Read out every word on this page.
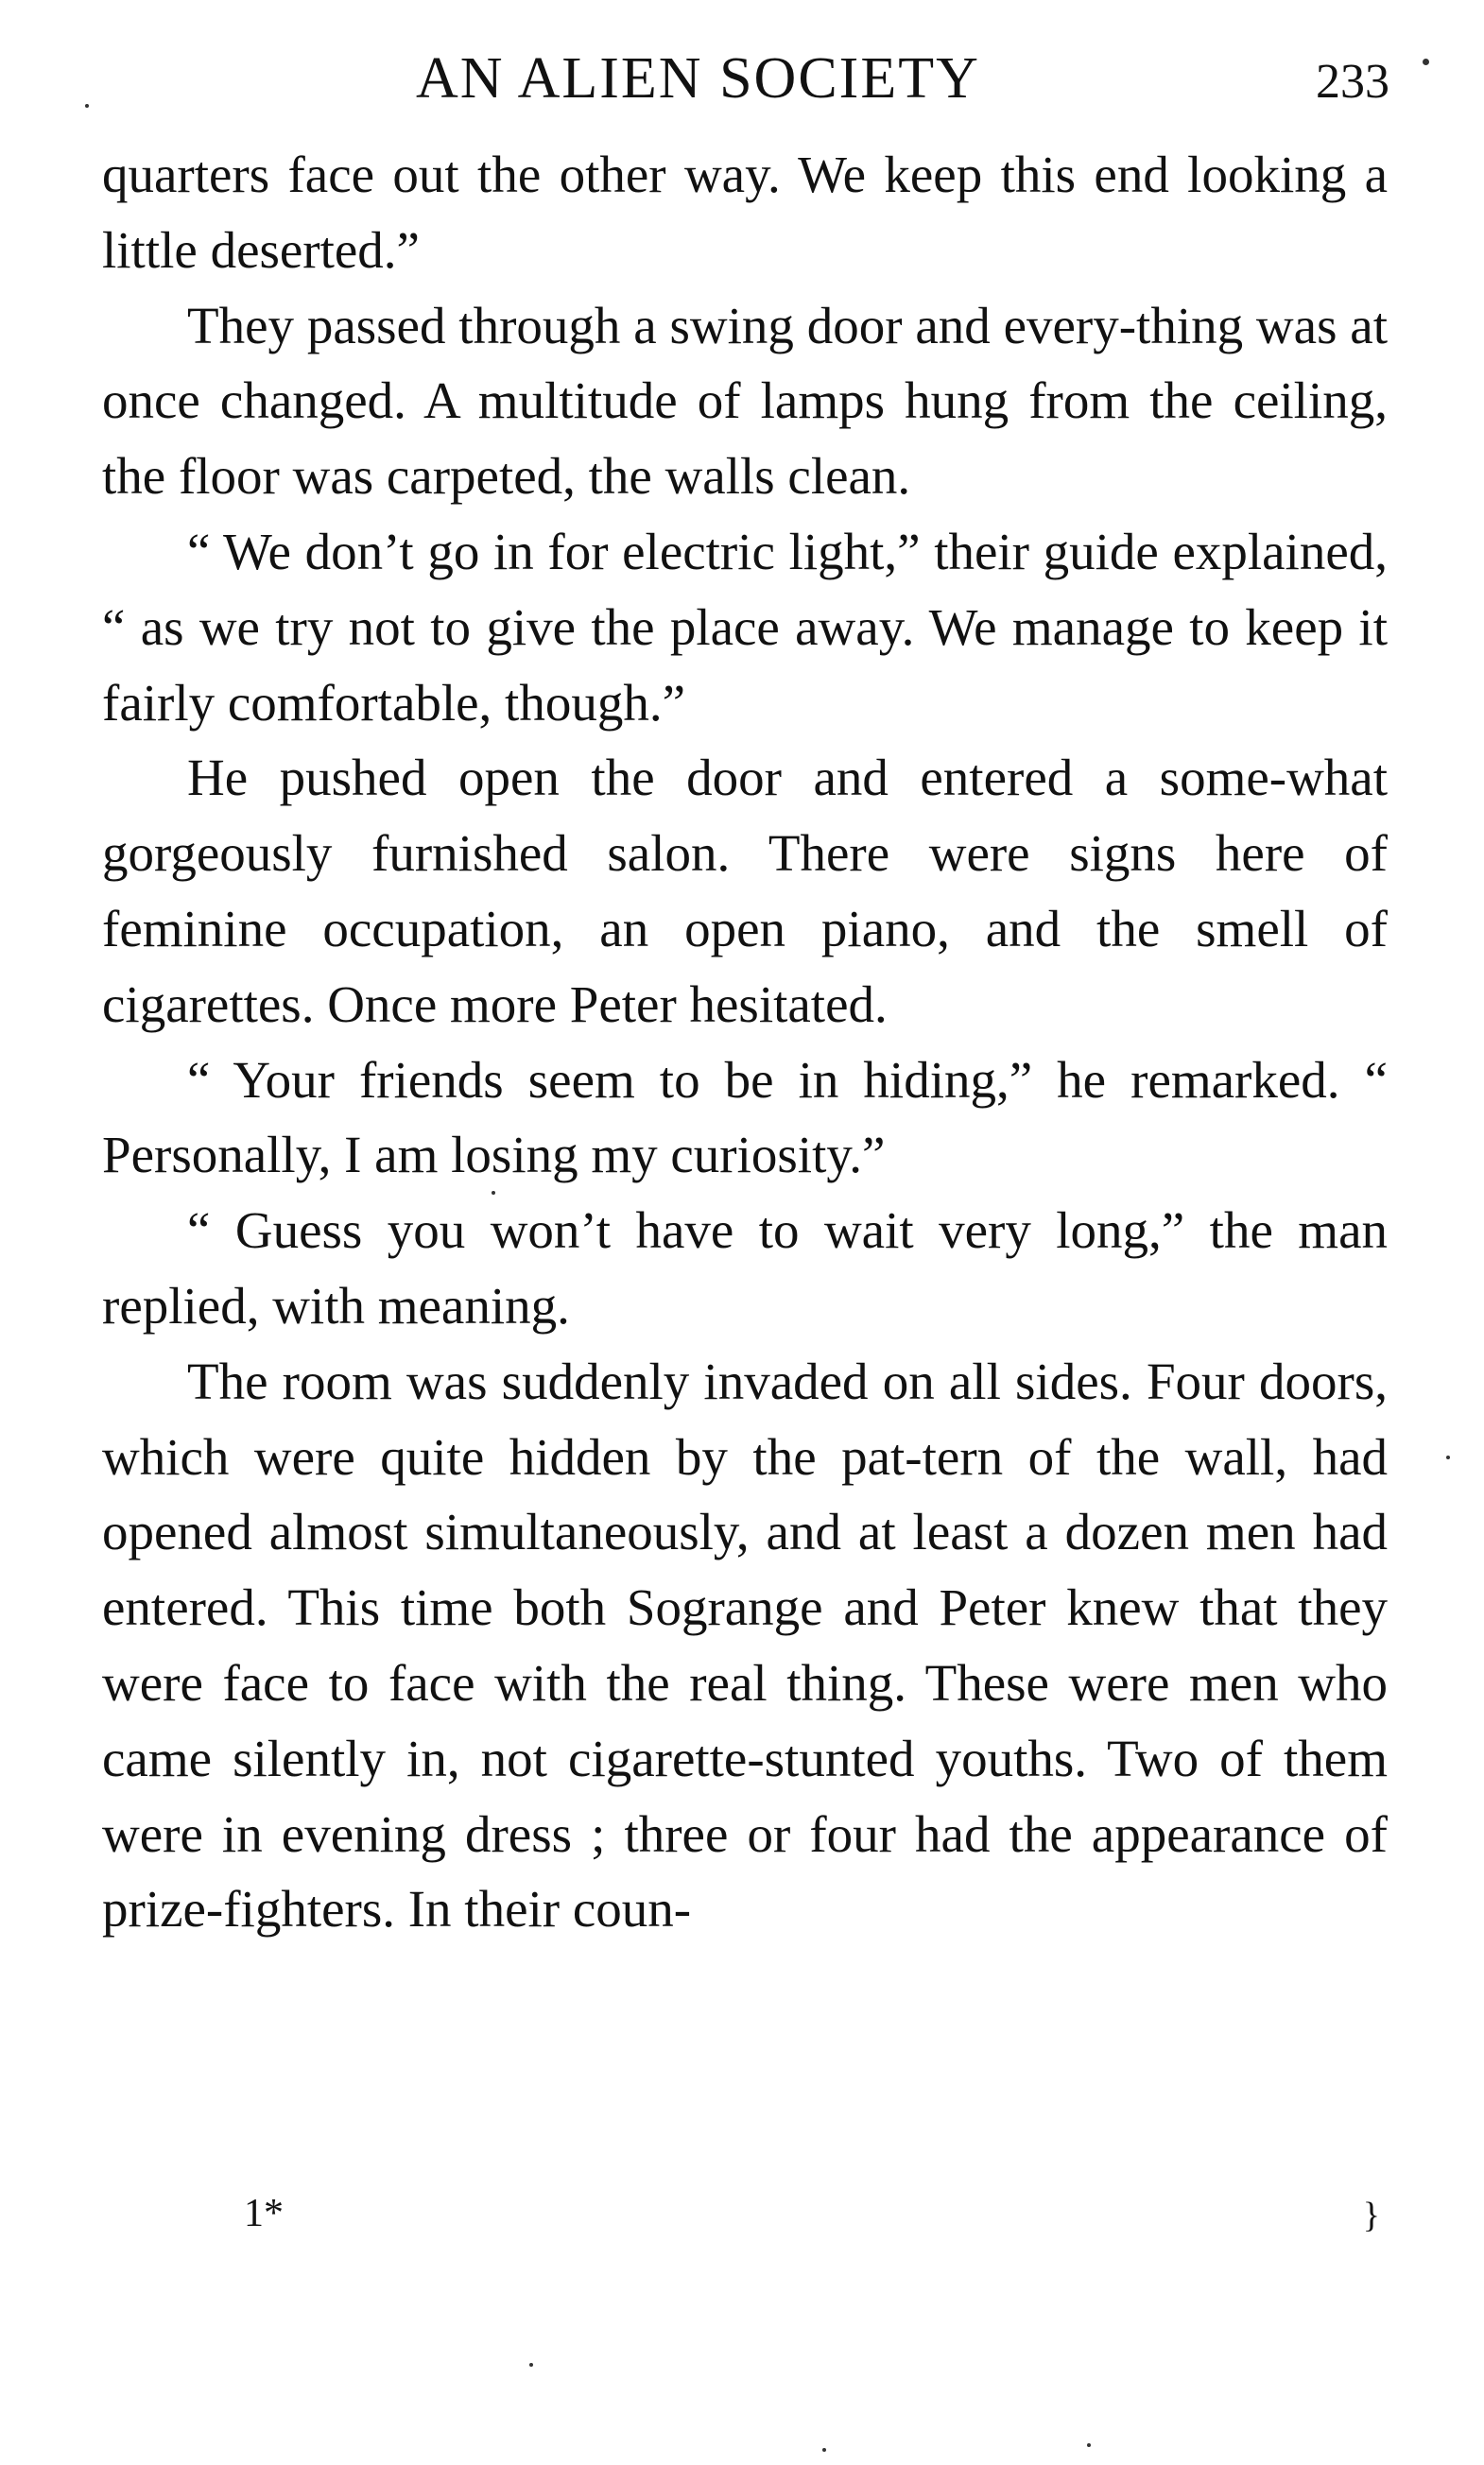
AN ALIEN SOCIETY	233

quarters face out the other way. We keep this end looking a little deserted.”

They passed through a swing door and every-thing was at once changed. A multitude of lamps hung from the ceiling, the floor was carpeted, the walls clean.

“ We don’t go in for electric light,” their guide explained, “ as we try not to give the place away. We manage to keep it fairly comfortable, though.”

He pushed open the door and entered a some-what gorgeously furnished salon. There were signs here of feminine occupation, an open piano, and the smell of cigarettes. Once more Peter hesitated.

“ Your friends seem to be in hiding,” he remarked. “ Personally, I am losing my curiosity.”

“ Guess you won’t have to wait very long,” the man replied, with meaning.

The room was suddenly invaded on all sides. Four doors, which were quite hidden by the pat-tern of the wall, had opened almost simultaneously, and at least a dozen men had entered. This time both Sogrange and Peter knew that they were face to face with the real thing. These were men who came silently in, not cigarette-stunted youths. Two of them were in evening dress ; three or four had the appearance of prize-fighters. In their coun-

1*	}
